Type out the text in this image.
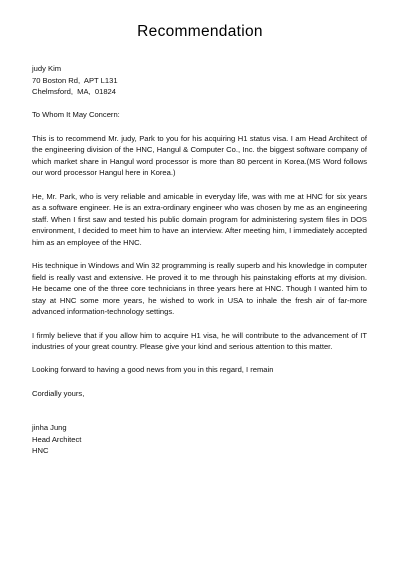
Recommendation
judy Kim
70 Boston Rd,  APT L131
Chelmsford,  MA,  01824
To Whom It May Concern:
This is to recommend Mr. judy, Park to you for his acquiring H1 status visa. I am Head Architect of the engineering division of the HNC, Hangul & Computer Co., Inc. the biggest software company of which market share in Hangul word processor is more than 80 percent in Korea.(MS Word follows our word processor Hangul here in Korea.)
He, Mr. Park, who is very reliable and amicable in everyday life, was with me at HNC for six years as a software engineer. He is an extra-ordinary engineer who was chosen by me as an engineering staff. When I first saw and tested his public domain program for administering system files in DOS environment, I decided to meet him to have an interview. After meeting him, I immediately accepted him as an employee of the HNC.
His technique in Windows and Win 32 programming is really superb and his knowledge in computer field is really vast and extensive. He proved it to me through his painstaking efforts at my division. He became one of the three core technicians in three years here at HNC. Though I wanted him to stay at HNC some more years, he wished to work in USA to inhale the fresh air of far-more advanced information-technology settings.
I firmly believe that if you allow him to acquire H1 visa, he will contribute to the advancement of IT industries of your great country. Please give your kind and serious attention to this matter.
Looking forward to having a good news from you in this regard, I remain
Cordially yours,
jinha Jung
Head Architect
HNC
